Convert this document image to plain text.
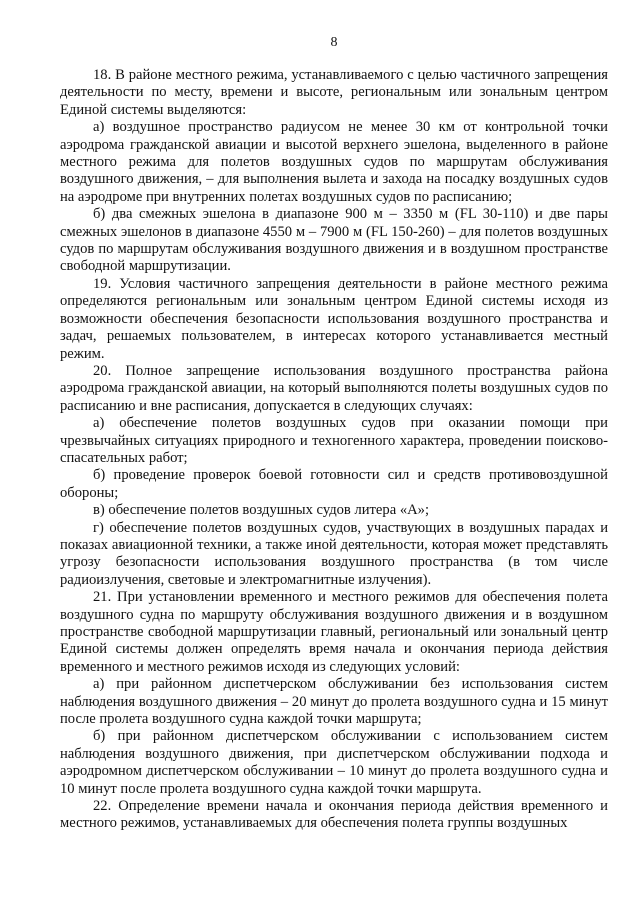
8

18. В районе местного режима, устанавливаемого с целью частичного запрещения деятельности по месту, времени и высоте, региональным или зональным центром Единой системы выделяются:

а) воздушное пространство радиусом не менее 30 км от контрольной точки аэродрома гражданской авиации и высотой верхнего эшелона, выделенного в районе местного режима для полетов воздушных судов по маршрутам обслуживания воздушного движения, – для выполнения вылета и захода на посадку воздушных судов на аэродроме при внутренних полетах воздушных судов по расписанию;

б) два смежных эшелона в диапазоне 900 м – 3350 м (FL 30-110) и две пары смежных эшелонов в диапазоне 4550 м – 7900 м (FL 150-260) – для полетов воздушных судов по маршрутам обслуживания воздушного движения и в воздушном пространстве свободной маршрутизации.

19. Условия частичного запрещения деятельности в районе местного режима определяются региональным или зональным центром Единой системы исходя из возможности обеспечения безопасности использования воздушного пространства и задач, решаемых пользователем, в интересах которого устанавливается местный режим.

20. Полное запрещение использования воздушного пространства района аэродрома гражданской авиации, на который выполняются полеты воздушных судов по расписанию и вне расписания, допускается в следующих случаях:

а) обеспечение полетов воздушных судов при оказании помощи при чрезвычайных ситуациях природного и техногенного характера, проведении поисково-спасательных работ;

б) проведение проверок боевой готовности сил и средств противовоздушной обороны;

в) обеспечение полетов воздушных судов литера «А»;

г) обеспечение полетов воздушных судов, участвующих в воздушных парадах и показах авиационной техники, а также иной деятельности, которая может представлять угрозу безопасности использования воздушного пространства (в том числе радиоизлучения, световые и электромагнитные излучения).

21. При установлении временного и местного режимов для обеспечения полета воздушного судна по маршруту обслуживания воздушного движения и в воздушном пространстве свободной маршрутизации главный, региональный или зональный центр Единой системы должен определять время начала и окончания периода действия временного и местного режимов исходя из следующих условий:

а) при районном диспетчерском обслуживании без использования систем наблюдения воздушного движения – 20 минут до пролета воздушного судна и 15 минут после пролета воздушного судна каждой точки маршрута;

б) при районном диспетчерском обслуживании с использованием систем наблюдения воздушного движения, при диспетчерском обслуживании подхода и аэродромном диспетчерском обслуживании – 10 минут до пролета воздушного судна и 10 минут после пролета воздушного судна каждой точки маршрута.

22. Определение времени начала и окончания периода действия временного и местного режимов, устанавливаемых для обеспечения полета группы воздушных
